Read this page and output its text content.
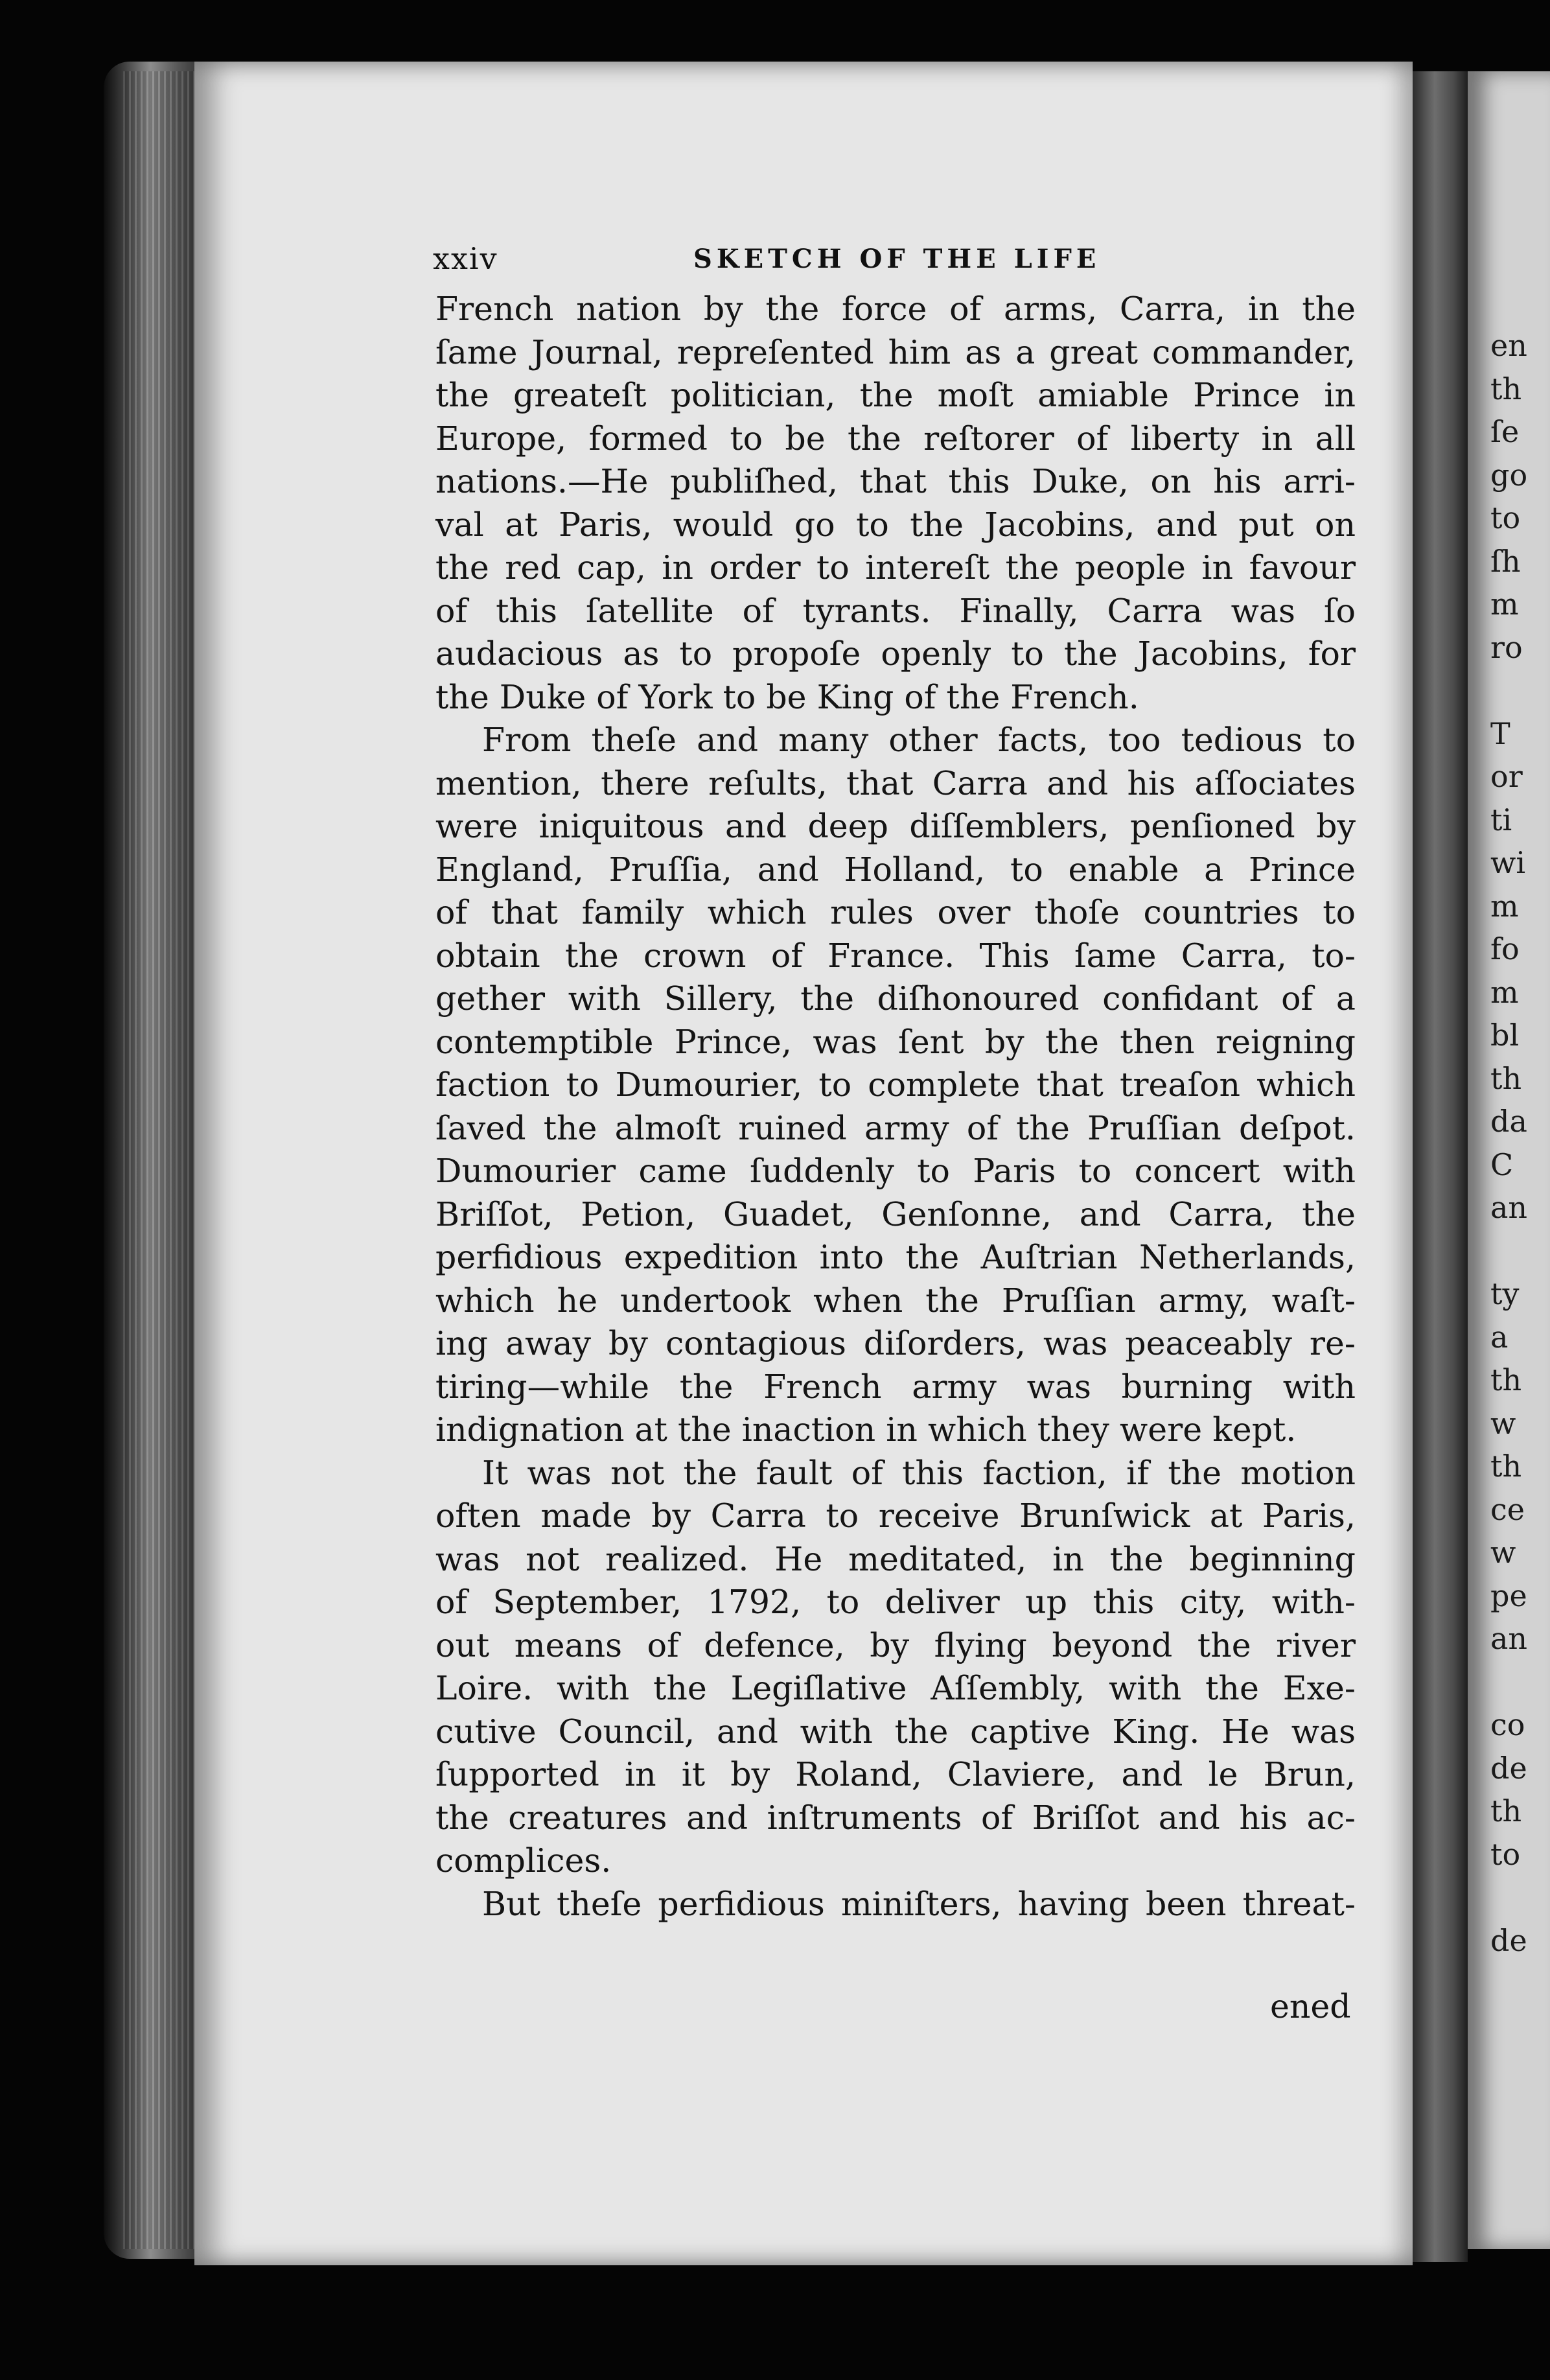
en
th
ſe
go
to
ſh
m
ro
T
or
ti
wi
m
fo
m
bl
th
da
C
an
ty
a
th
w
th
ce
w
pe
an
co
de
th
to
de
xxiv	SKETCH OF THE LIFE
French nation by the force of arms, Carra, in the
ſame Journal, repreſented him as a great commander,
the greateſt politician, the moſt amiable Prince in
Europe, formed to be the reſtorer of liberty in all
nations.—He publiſhed, that this Duke, on his arri-
val at Paris, would go to the Jacobins, and put on
the red cap, in order to intereſt the people in favour
of this ſatellite of tyrants. Finally, Carra was ſo
audacious as to propoſe openly to the Jacobins, for
the Duke of York to be King of the French.
From theſe and many other facts, too tedious to
mention, there reſults, that Carra and his aſſociates
were iniquitous and deep diſſemblers, penſioned by
England, Pruſſia, and Holland, to enable a Prince
of that family which rules over thoſe countries to
obtain the crown of France. This ſame Carra, to-
gether with Sillery, the diſhonoured confidant of a
contemptible Prince, was ſent by the then reigning
faction to Dumourier, to complete that treaſon which
ſaved the almoſt ruined army of the Pruſſian deſpot.
Dumourier came ſuddenly to Paris to concert with
Briſſot, Petion, Guadet, Genſonne, and Carra, the
perfidious expedition into the Auſtrian Netherlands,
which he undertook when the Pruſſian army, waſt-
ing away by contagious diſorders, was peaceably re-
tiring—while the French army was burning with
indignation at the inaction in which they were kept.
It was not the fault of this faction, if the motion
often made by Carra to receive Brunſwick at Paris,
was not realized. He meditated, in the beginning
of September, 1792, to deliver up this city, with-
out means of defence, by flying beyond the river
Loire. with the Legiſlative Aſſembly, with the Exe-
cutive Council, and with the captive King. He was
ſupported in it by Roland, Claviere, and le Brun,
the creatures and inſtruments of Briſſot and his ac-
complices.
But theſe perfidious miniſters, having been threat-
ened
